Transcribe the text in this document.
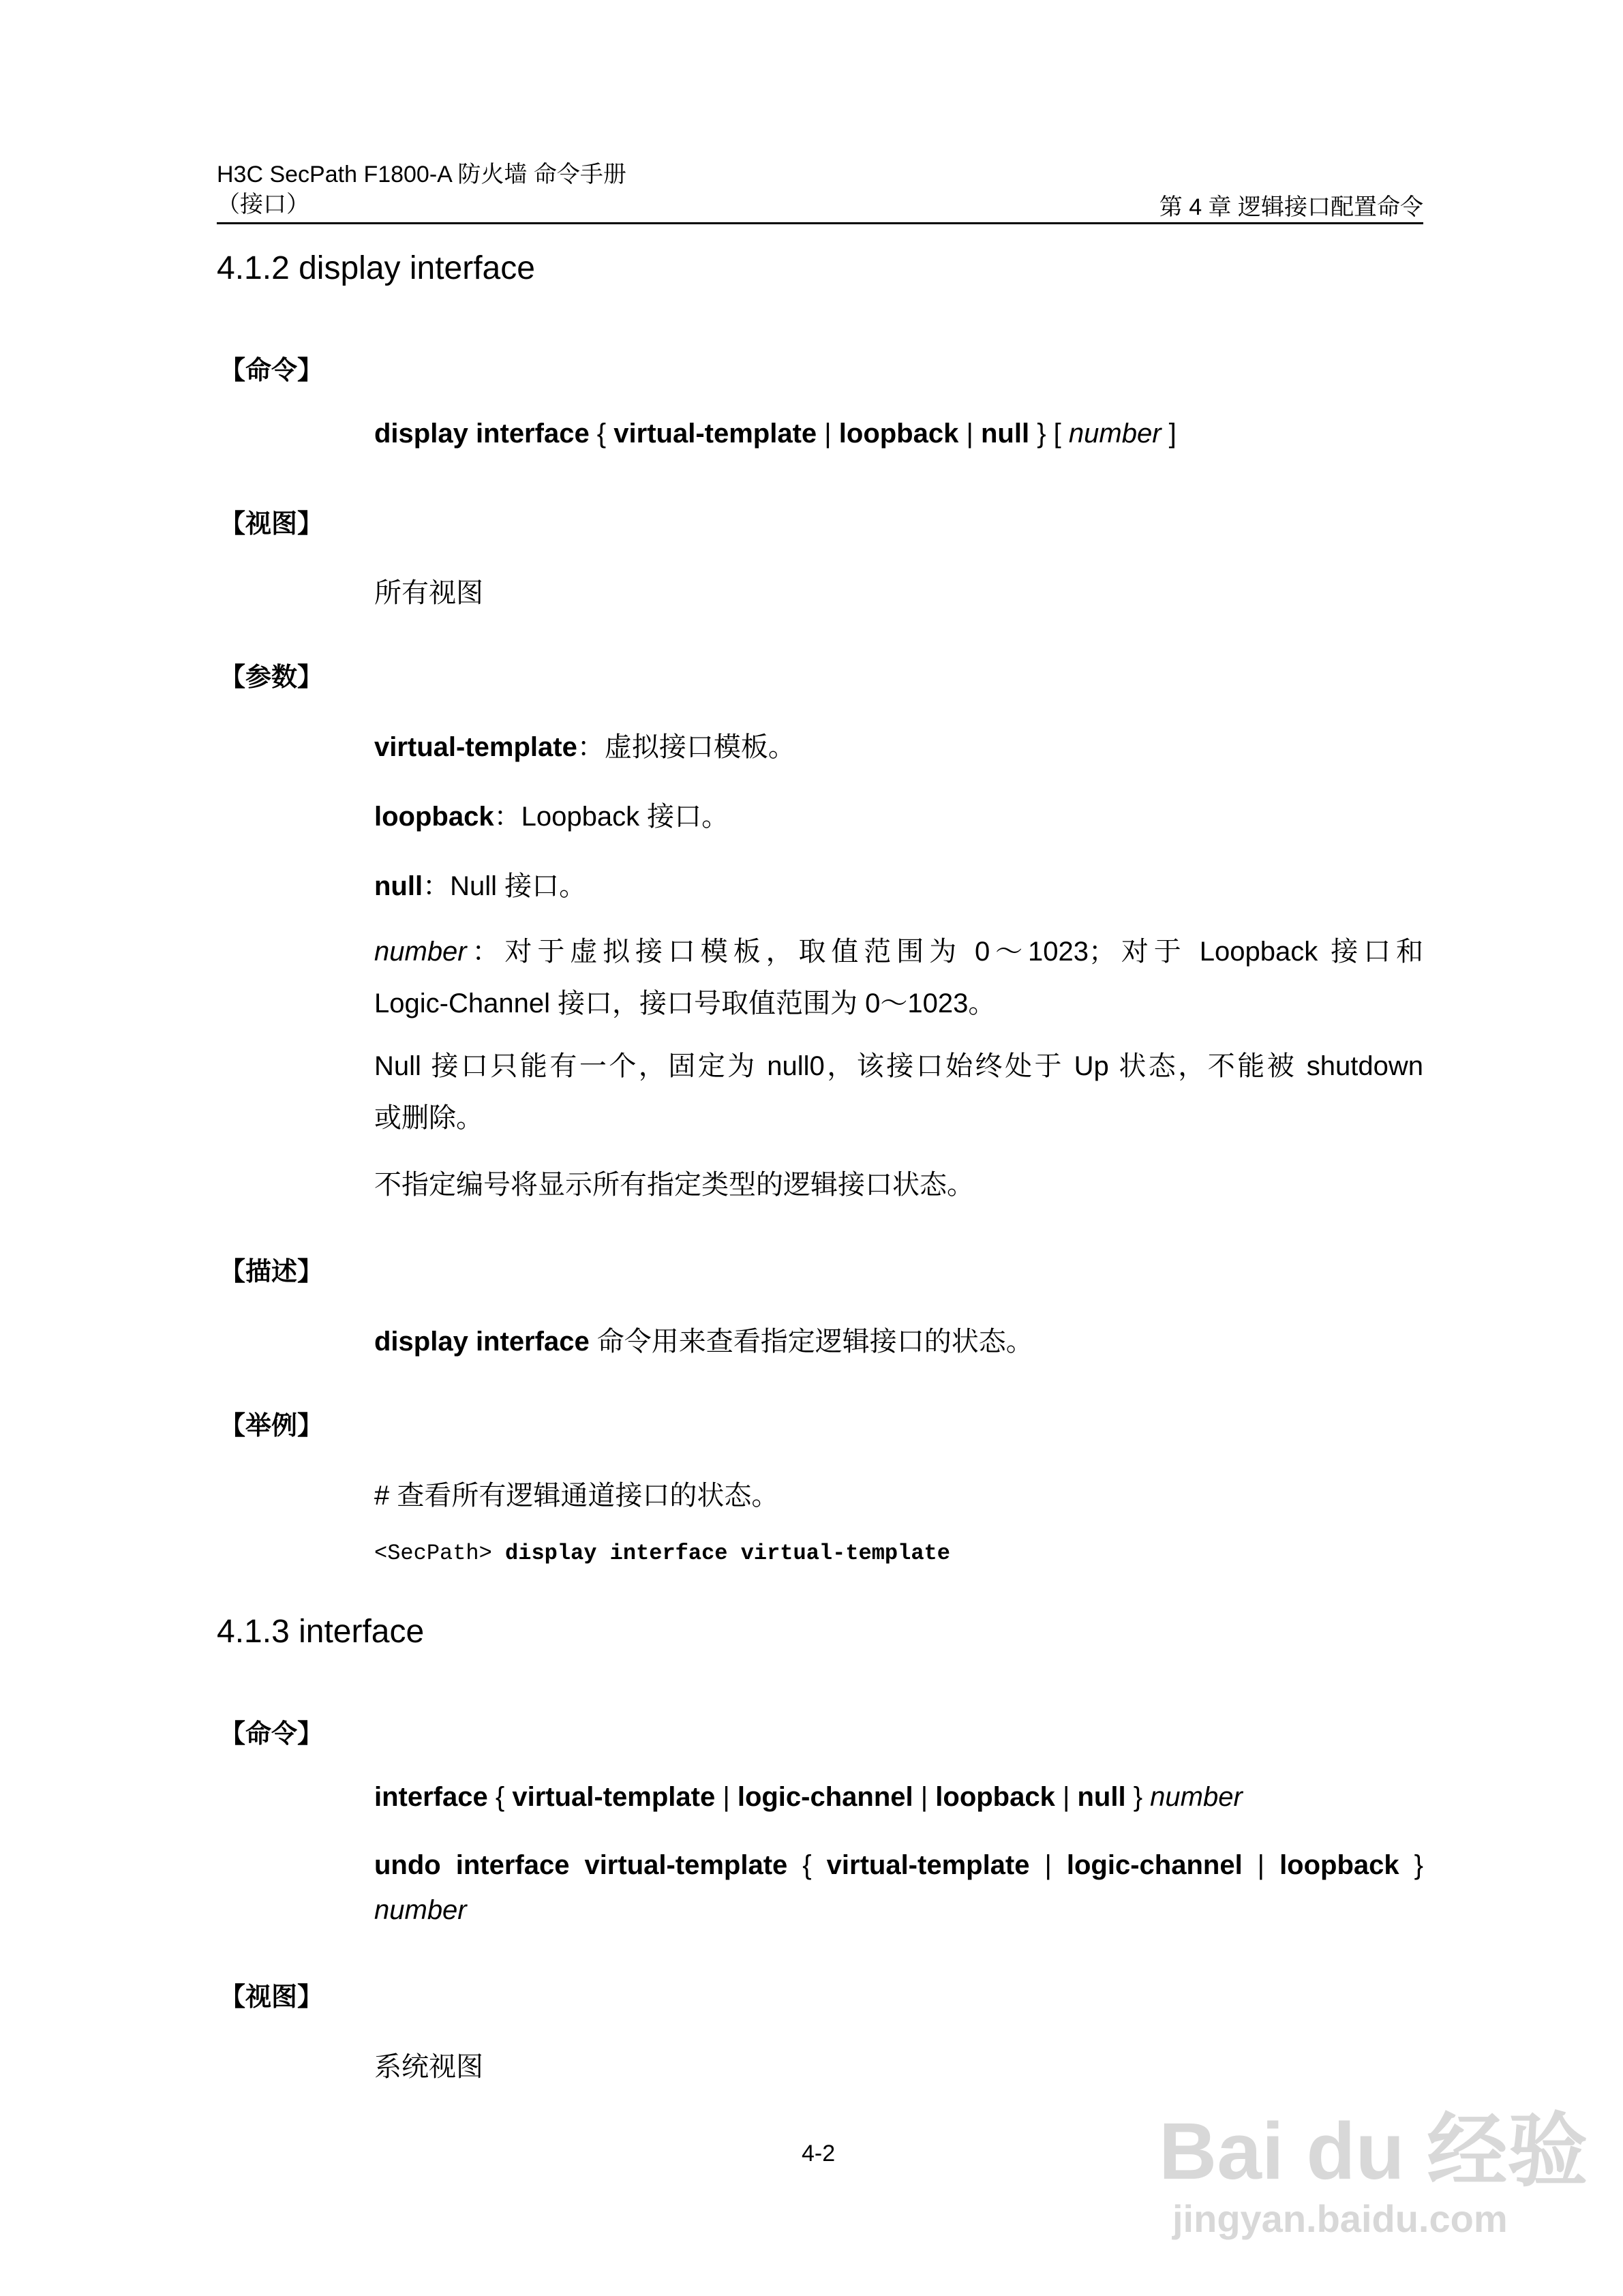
H3C SecPath F1800-A 防火墙 命令手册
（接口）	第 4 章 逻辑接口配置命令
4.1.2 display interface
【命令】
display interface { virtual-template | loopback | null } [ number ]
【视图】
所有视图
【参数】
virtual-template：虚拟接口模板。
loopback：Loopback 接口。
null：Null 接口。
number：对于虚拟接口模板，取值范围为 0～1023；对于 Loopback 接口和
Logic-Channel 接口，接口号取值范围为 0～1023。
Null 接口只能有一个，固定为 null0，该接口始终处于 Up 状态，不能被 shutdown
或删除。
不指定编号将显示所有指定类型的逻辑接口状态。
【描述】
display interface 命令用来查看指定逻辑接口的状态。
【举例】
# 查看所有逻辑通道接口的状态。
<SecPath> display interface virtual-template
4.1.3 interface
【命令】
interface { virtual-template | logic-channel | loopback | null } number
undo interface virtual-template { virtual-template | logic-channel | loopback }
number
【视图】
系统视图
4-2	Bai du 经验
jingyan.baidu.com
